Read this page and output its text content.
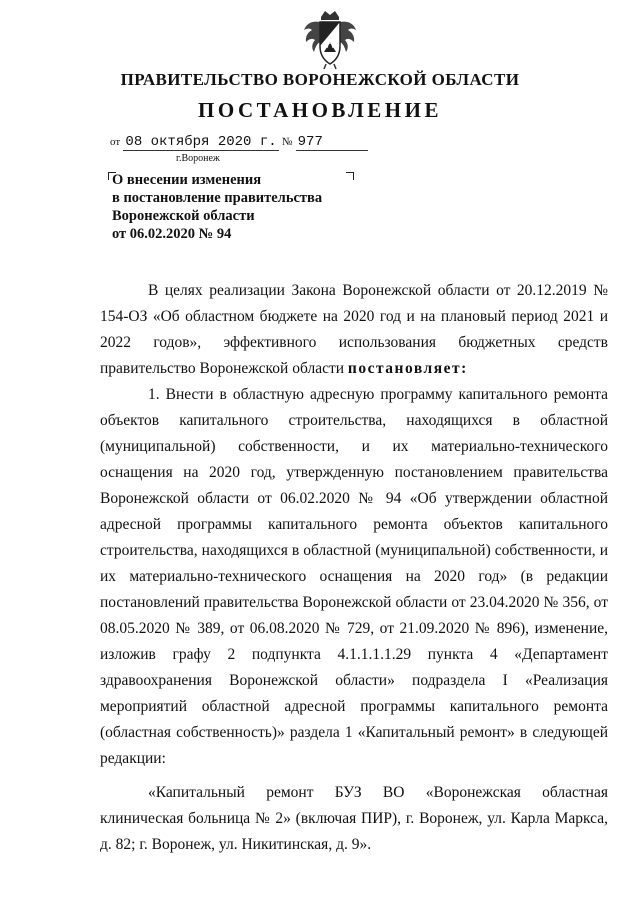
ПРАВИТЕЛЬСТВО ВОРОНЕЖСКОЙ ОБЛАСТИ
ПОСТАНОВЛЕНИЕ
от 08 октября 2020 г. № 977
г.Воронеж
О внесении изменения
в постановление правительства
Воронежской области
от 06.02.2020 № 94

В целях реализации Закона Воронежской области от 20.12.2019 № 154-ОЗ «Об областном бюджете на 2020 год и на плановый период 2021 и 2022 годов», эффективного использования бюджетных средств правительство Воронежской области постановляет:

1. Внести в областную адресную программу капитального ремонта объектов капитального строительства, находящихся в областной (муниципальной) собственности, и их материально-технического оснащения на 2020 год, утвержденную постановлением правительства Воронежской области от 06.02.2020 № 94 «Об утверждении областной адресной программы капитального ремонта объектов капитального строительства, находящихся в областной (муниципальной) собственности, и их материально-технического оснащения на 2020 год» (в редакции постановлений правительства Воронежской области от 23.04.2020 № 356, от 08.05.2020 № 389, от 06.08.2020 № 729, от 21.09.2020 № 896), изменение, изложив графу 2 подпункта 4.1.1.1.1.29 пункта 4 «Департамент здравоохранения Воронежской области» подраздела I «Реализация мероприятий областной адресной программы капитального ремонта (областная собственность)» раздела 1 «Капитальный ремонт» в следующей редакции:

«Капитальный ремонт БУЗ ВО «Воронежская областная клиническая больница № 2» (включая ПИР), г. Воронеж, ул. Карла Маркса, д. 82; г. Воронеж, ул. Никитинская, д. 9».
